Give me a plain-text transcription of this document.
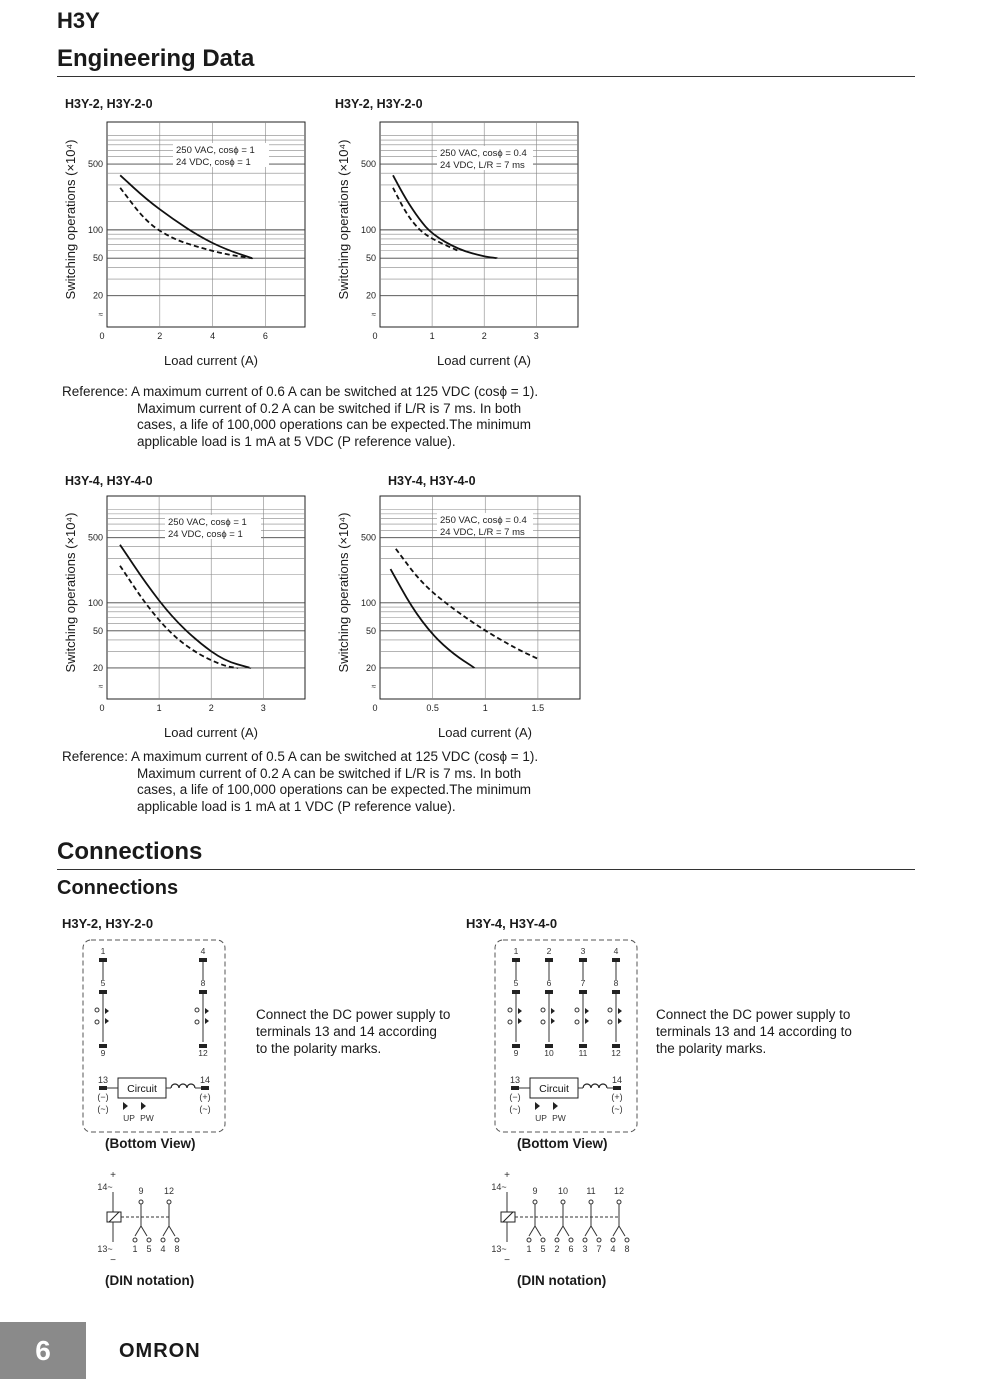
H3Y
Engineering Data
H3Y-2, H3Y-2-0
20
50
100
500
≈
0	2	4	6
Load current (A)
Switching operations (×10⁴)	250 VAC, cosϕ = 1
24 VDC, cosϕ = 1
H3Y-2, H3Y-2-0
20
50
100
500
≈
0	1	2	3
Load current (A)
Switching operations (×10⁴)	250 VAC, cosϕ = 0.4
24 VDC, L/R = 7 ms
H3Y-4, H3Y-4-0
20
50
100
500
≈
0	1	2	3
Load current (A)
Switching operations (×10⁴)	250 VAC, cosϕ = 1
24 VDC, cosϕ = 1
H3Y-4, H3Y-4-0
20
50
100
500
≈
0	0.5	1	1.5
Load current (A)
Switching operations (×10⁴)	250 VAC, cosϕ = 0.4
24 VDC, L/R = 7 ms
Reference: A maximum current of 0.6 A can be switched at 125 VDC (cosϕ = 1).
Maximum current of 0.2 A can be switched if L/R is 7 ms. In both
cases, a life of 100,000 operations can be expected.The minimum
applicable load is 1 mA at 5 VDC (P reference value).
Reference: A maximum current of 0.5 A can be switched at 125 VDC (cosϕ = 1).
Maximum current of 0.2 A can be switched if L/R is 7 ms. In both
cases, a life of 100,000 operations can be expected.The minimum
applicable load is 1 mA at 1 VDC (P reference value).
Connections
Connections
H3Y-2, H3Y-2-0	H3Y-4, H3Y-4-0
Connect the DC power supply to
terminals 13 and 14 according
to the polarity marks.
Connect the DC power supply to
terminals 13 and 14 according to
the polarity marks.
(Bottom View)	(Bottom View)
(DIN notation)	(DIN notation)
1
5
9
4
8
12
13	14
(−)
(~)
(+)
(~)
Circuit
UP PW
+
14~
13~
−
9 12
1 5 4 8
1
5
9
2
6
10
3
7
11
4
8
12
13	14
(−)
(~)
(+)
(~)
Circuit
UP PW
+
14~
13~
−
9 10 11 12
1 5 2 6 3 7 4 8
6	OMRON
